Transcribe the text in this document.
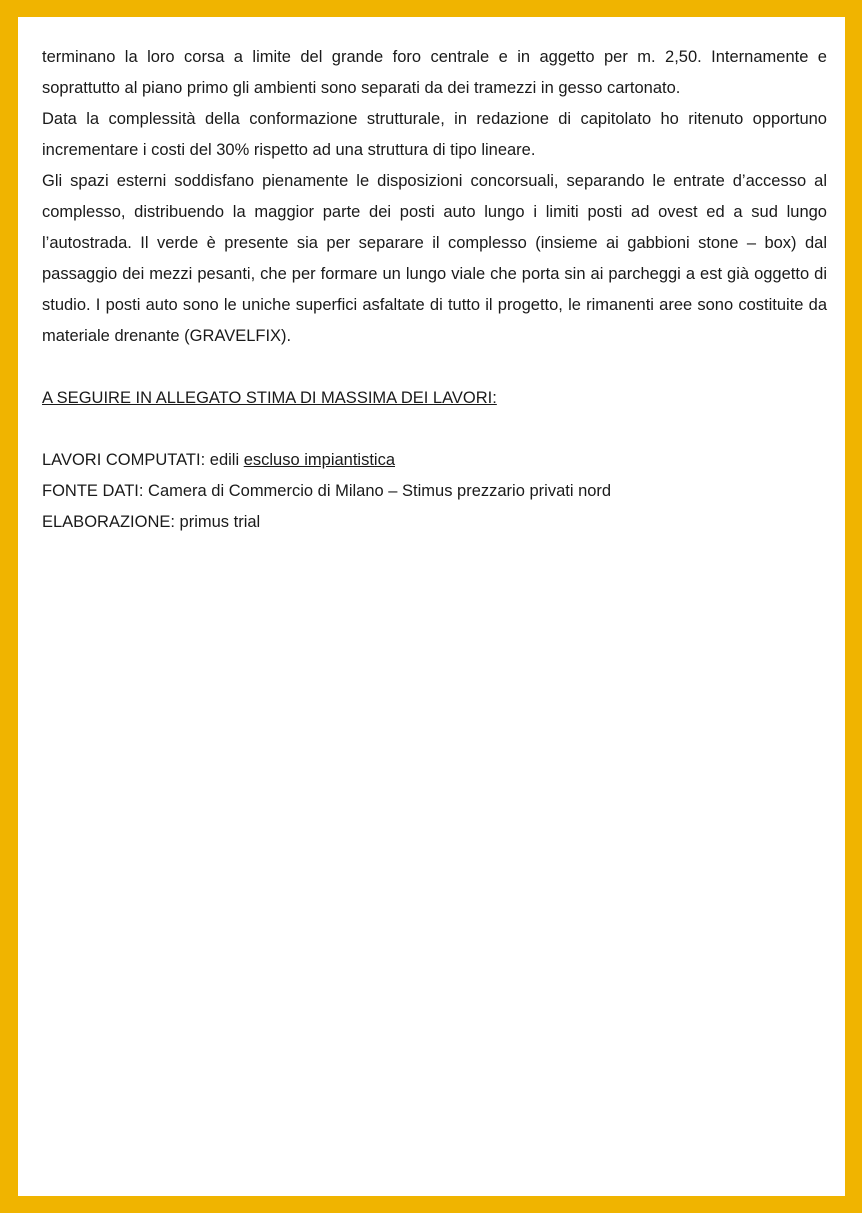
terminano la loro corsa a limite del grande foro centrale e in aggetto per m. 2,50. Internamente e soprattutto al piano primo gli ambienti sono separati da dei tramezzi in gesso cartonato.

Data la complessità della conformazione strutturale, in redazione di capitolato ho ritenuto opportuno incrementare i costi del 30% rispetto ad una struttura di tipo lineare.

Gli spazi esterni soddisfano pienamente le disposizioni concorsuali, separando le entrate d’accesso al complesso, distribuendo la maggior parte dei posti auto lungo i limiti posti ad ovest ed a sud lungo l’autostrada. Il verde è presente sia per separare il complesso (insieme ai gabbioni stone – box) dal passaggio dei mezzi pesanti, che per formare un lungo viale che porta sin ai parcheggi a est già oggetto di studio. I posti auto sono le uniche superfici asfaltate di tutto il progetto, le rimanenti aree sono costituite da materiale drenante (GRAVELFIX).

A SEGUIRE IN ALLEGATO STIMA DI MASSIMA DEI LAVORI:

LAVORI COMPUTATI: edili escluso impiantistica

FONTE DATI: Camera di Commercio di Milano – Stimus prezzario privati nord

ELABORAZIONE: primus trial
